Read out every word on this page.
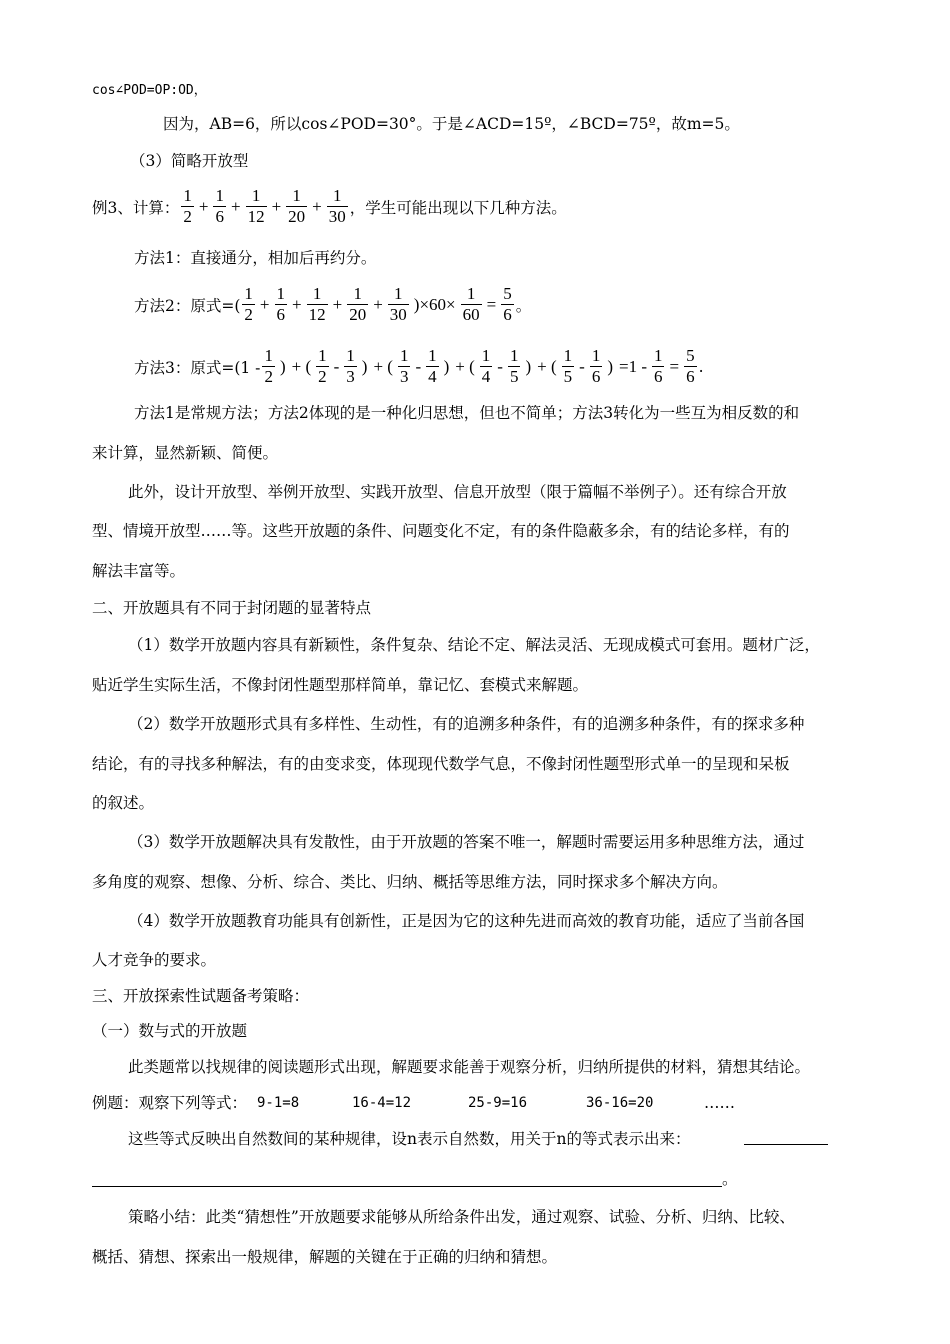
cos∠POD=OP:OD，
因为，AB=6，所以cos∠POD=30°。于是∠ACD=15º，∠BCD=75º，故m=5。
（3）简略开放型
例3、计算： $\frac{1}{2} + \frac{1}{6} + \frac{1}{12} + \frac{1}{20} + \frac{1}{30}$ ，学生可能出现以下几种方法。
方法1：直接通分，相加后再约分。
方法2：原式=( $\frac{1}{2} + \frac{1}{6} + \frac{1}{12} + \frac{1}{20} + \frac{1}{30} )\times 60\times \frac{1}{60} = \frac{5}{6}$ 。
方法3：原式$=(1 - \frac{1}{2}$ ) + ( $\frac{1}{2} - \frac{1}{3}$ ) + ( $\frac{1}{3} - \frac{1}{4}$ ) + ( $\frac{1}{4} - \frac{1}{5}$ ) + ( $\frac{1}{5} - \frac{1}{6}$ ) $=1 - \frac{1}{6} = \frac{5}{6}$ .
方法1是常规方法；方法2体现的是一种化归思想，但也不简单；方法3转化为一些互为相反数的和
来计算，显然新颖、简便。
此外，设计开放型、举例开放型、实践开放型、信息开放型（限于篇幅不举例子）。还有综合开放
型、情境开放型……等。这些开放题的条件、问题变化不定，有的条件隐蔽多余，有的结论多样，有的
解法丰富等。
二、开放题具有不同于封闭题的显著特点
（1）数学开放题内容具有新颖性，条件复杂、结论不定、解法灵活、无现成模式可套用。题材广泛，
贴近学生实际生活，不像封闭性题型那样简单，靠记忆、套模式来解题。
（2）数学开放题形式具有多样性、生动性，有的追溯多种条件，有的追溯多种条件，有的探求多种
结论，有的寻找多种解法，有的由变求变，体现现代数学气息，不像封闭性题型形式单一的呈现和呆板
的叙述。
（3）数学开放题解决具有发散性，由于开放题的答案不唯一，解题时需要运用多种思维方法，通过
多角度的观察、想像、分析、综合、类比、归纳、概括等思维方法，同时探求多个解决方向。
（4）数学开放题教育功能具有创新性，正是因为它的这种先进而高效的教育功能，适应了当前各国
人才竞争的要求。
三、开放探索性试题备考策略：
（一）数与式的开放题
此类题常以找规律的阅读题形式出现，解题要求能善于观察分析，归纳所提供的材料，猜想其结论。
例题：观察下列等式： 9-1=8	16-4=12	25-9=16	36-16=20	……
这些等式反映出自然数间的某种规律，设n表示自然数，用关于n的等式表示出来：
。
策略小结：此类“猜想性”开放题要求能够从所给条件出发，通过观察、试验、分析、归纳、比较、
概括、猜想、探索出一般规律，解题的关键在于正确的归纳和猜想。
